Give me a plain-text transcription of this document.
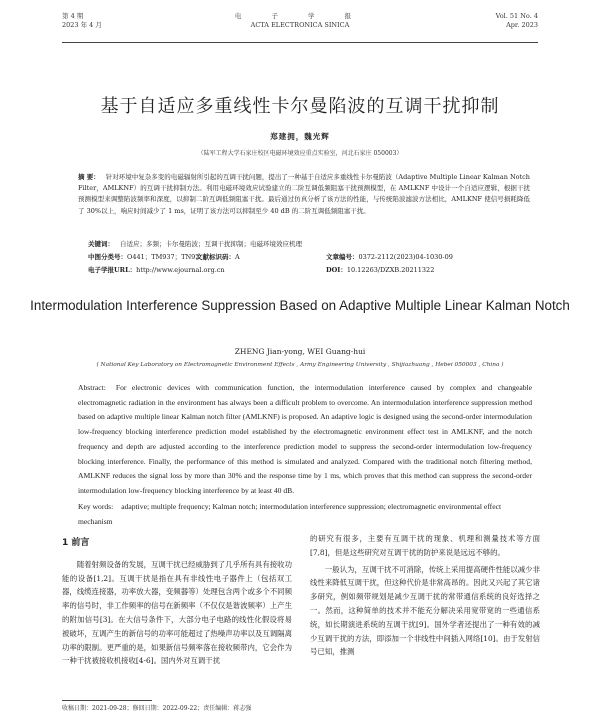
第 4 期
2023 年 4 月
电 子 学 报
ACTA ELECTRONICA SINICA
Vol. 51 No. 4
Apr. 2023
基于自适应多重线性卡尔曼陷波的互调干扰抑制
郑建拥，魏光辉
（陆军工程大学石家庄校区电磁环境效应重点实验室，河北石家庄 050003）
摘 要： 针对环境中复杂多变的电磁辐射所引起的互调干扰问题，提出了一种基于自适应多重线性卡尔曼陷波（Adaptive Multiple Linear Kalman Notch Filter，AMLKNF）的互调干扰抑制方法。利用电磁环境效应试验建立的二阶互调低频阻塞干扰预测模型，在 AMLKNF 中设计一个自适应逻辑，根据干扰预测模型来调整陷波频率和深度，以抑制二阶互调低频阻塞干扰。最后通过仿真分析了该方法的性能，与传统陷波滤波方法相比，AMLKNF 使信号损耗降低了 30%以上，响应时间减少了 1 ms，证明了该方法可以抑制至少 40 dB 的二阶互调低频阻塞干扰。
关键词： 自适应；多频；卡尔曼陷波；互调干扰抑制；电磁环境效应机理
中图分类号：O441；TM937；TN92
文献标识码：A	文章编号：0372-2112(2023)04-1030-09
电子学报URL：http://www.ejournal.org.cn	DOI：10.12263/DZXB.20211322
Intermodulation Interference Suppression Based on Adaptive Multiple Linear Kalman Notch
ZHENG Jian-yong, WEI Guang-hui
( National Key Laboratory on Electromagnetic Environment Effects , Army Engineering University , Shijiazhuang , Hebei 050003 , China )
Abstract: For electronic devices with communication function, the intermodulation interference caused by complex and changeable electromagnetic radiation in the environment has always been a difficult problem to overcome. An intermodulation interference suppression method based on adaptive multiple linear Kalman notch filter (AMLKNF) is proposed. An adaptive logic is designed using the second-order intermodulation low-frequency blocking interference prediction model established by the electromagnetic environment effect test in AMLKNF, and the notch frequency and depth are adjusted according to the interference prediction model to suppress the second-order intermodulation low-frequency blocking interference. Finally, the performance of this method is simulated and analyzed. Compared with the traditional notch filtering method, AMLKNF reduces the signal loss by more than 30% and the response time by 1 ms, which proves that this method can suppress the second-order intermodulation low-frequency blocking interference by at least 40 dB.
Key words: adaptive; multiple frequency; Kalman notch; intermodulation interference suppression; electromagnetic environmental effect mechanism
1 前言

随着射频设备的发展，互调干扰已经威胁到了几乎所有具有接收功能的设备[1,2]。互调干扰是指在具有非线性电子器件上（包括双工器，线缆连接器，功率放大器，变频器等）处理包含两个或多个不同频率的信号时，非工作频率的信号在新频率（不仅仅是谐波频率）上产生的附加信号[3]。在大信号条件下，大部分电子电路的线性化假设将易被破坏，互调产生的新信号的功率可能超过了热噪声功率以及互调隔离功率的限制。更严重的是，如果新信号频率落在接收频带内，它会作为一种干扰被接收机接收[4-6]。国内外对互调干扰

的研究有很多，主要有互调干扰的现象、机理和测量技术等方面[7,8]，但是这些研究对互调干扰的防护来说是远远不够的。

一般认为，互调干扰不可消除，传统上采用提高硬件性能以减少非线性来降低互调干扰，但这种代价是非常高昂的。因此又兴起了其它诸多研究，例如频带规划是减少互调干扰的常带通信系统的良好选择之一。然而，这种简单的技术并不能充分解决采用宽带宽的一些通信系统，如长期演进系统的互调干扰[9]。国外学者还提出了一种有效的减少互调干扰的方法，即添加一个非线性中间插入网络[10]。由于发射信号已知，推测

收稿日期：2021-09-28；修回日期：2022-09-22；责任编辑：蒋志强
